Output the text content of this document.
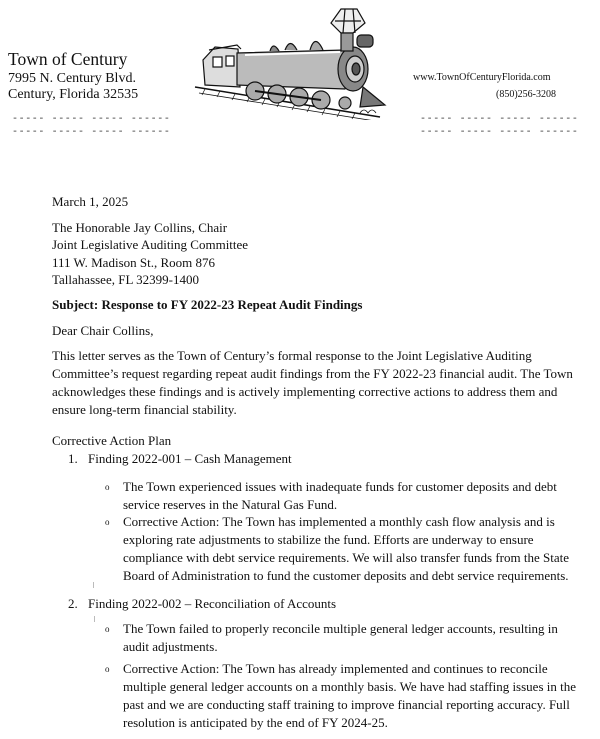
Town of Century
7995 N. Century Blvd.
Century, Florida 32535
www.TownOfCenturyFlorida.com
(850)256-3208
----- ----- ----- ------
----- ----- ----- ------
----- ----- ----- ------
----- ----- ----- ------
March 1, 2025
The Honorable Jay Collins, Chair
Joint Legislative Auditing Committee
111 W. Madison St., Room 876
Tallahassee, FL 32399-1400
Subject: Response to FY 2022-23 Repeat Audit Findings
Dear Chair Collins,

This letter serves as the Town of Century’s formal response to the Joint Legislative Auditing

Committee’s request regarding repeat audit findings from the FY 2022-23 financial audit. The Town

acknowledges these findings and is actively implementing corrective actions to address them and

ensure long-term financial stability.

Corrective Action Plan
1. Finding 2022-001 – Cash Management
o The Town experienced issues with inadequate funds for customer deposits and debt

service reserves in the Natural Gas Fund.

o Corrective Action: The Town has implemented a monthly cash flow analysis and is

exploring rate adjustments to stabilize the fund. Efforts are underway to ensure

compliance with debt service requirements. We will also transfer funds from the State

Board of Administration to fund the customer deposits and debt service requirements.

2. Finding 2022-002 – Reconciliation of Accounts
o The Town failed to properly reconcile multiple general ledger accounts, resulting in

audit adjustments.

o Corrective Action: The Town has already implemented and continues to reconcile

multiple general ledger accounts on a monthly basis. We have had staffing issues in the

past and we are conducting staff training to improve financial reporting accuracy. Full

resolution is anticipated by the end of FY 2024-25.
